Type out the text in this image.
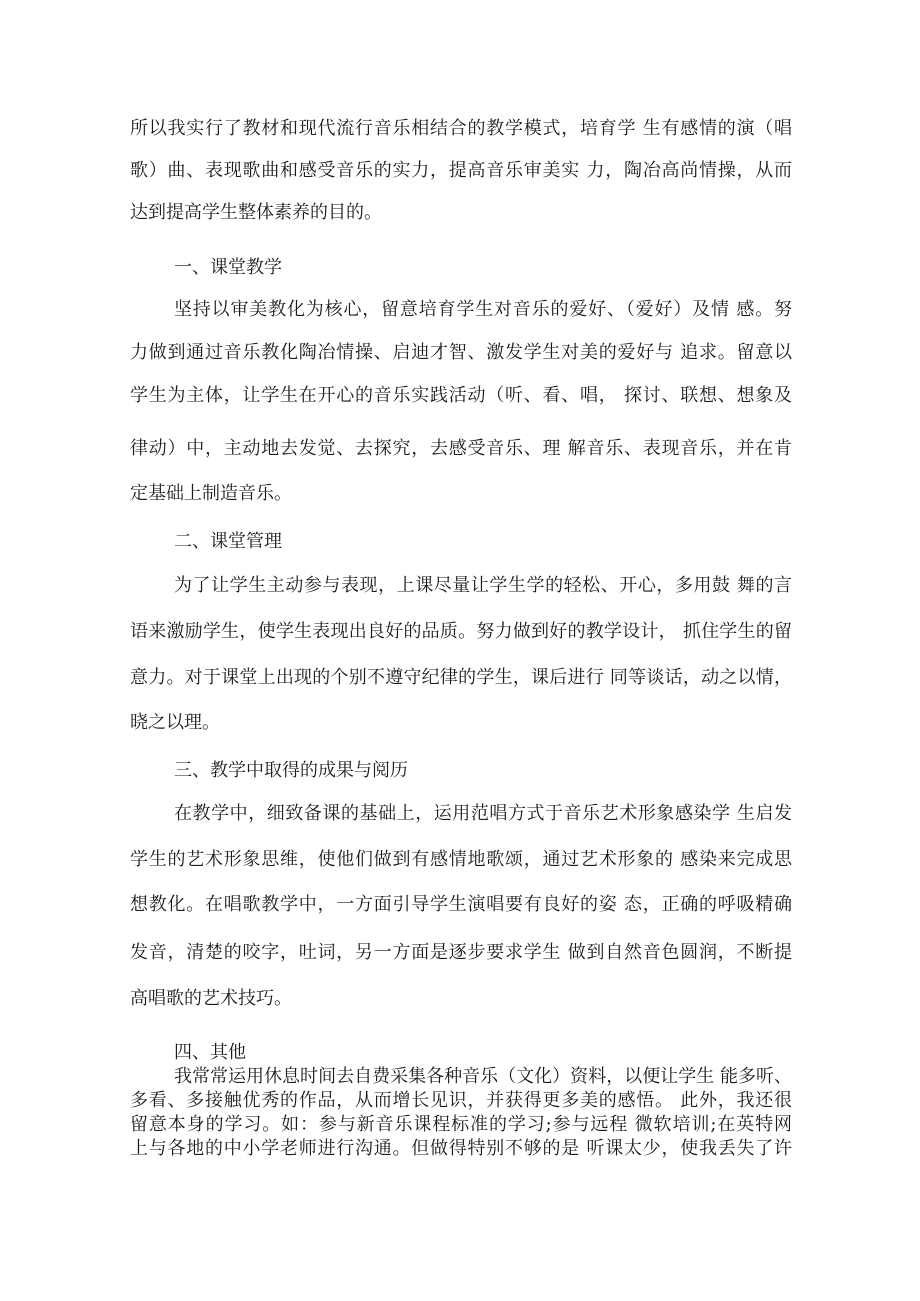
所以我实行了教材和现代流行音乐相结合的教学模式，培育学 生有感情的演（唱
歌）曲、表现歌曲和感受音乐的实力，提高音乐审美实 力，陶冶高尚情操，从而
达到提高学生整体素养的目的。
一、课堂教学
坚持以审美教化为核心，留意培育学生对音乐的爱好、（爱好）及情 感。努
力做到通过音乐教化陶冶情操、启迪才智、激发学生对美的爱好与 追求。留意以
学生为主体，让学生在开心的音乐实践活动（听、看、唱， 探讨、联想、想象及
律动）中，主动地去发觉、去探究，去感受音乐、理 解音乐、表现音乐，并在肯
定基础上制造音乐。
二、课堂管理
为了让学生主动参与表现，上课尽量让学生学的轻松、开心，多用鼓 舞的言
语来激励学生，使学生表现出良好的品质。努力做到好的教学设计， 抓住学生的留
意力。对于课堂上出现的个别不遵守纪律的学生，课后进行 同等谈话，动之以情，
晓之以理。
三、教学中取得的成果与阅历
在教学中，细致备课的基础上，运用范唱方式于音乐艺术形象感染学 生启发
学生的艺术形象思维，使他们做到有感情地歌颂，通过艺术形象的 感染来完成思
想教化。在唱歌教学中，一方面引导学生演唱要有良好的姿 态，正确的呼吸精确
发音，清楚的咬字，吐词，另一方面是逐步要求学生 做到自然音色圆润，不断提
高唱歌的艺术技巧。
四、其他
我常常运用休息时间去自费采集各种音乐（文化）资料，以便让学生 能多听、
多看、多接触优秀的作品，从而增长见识，并获得更多美的感悟。 此外，我还很
留意本身的学习。如：参与新音乐课程标准的学习;参与远程 微软培训;在英特网
上与各地的中小学老师进行沟通。但做得特别不够的是 听课太少，使我丢失了许
